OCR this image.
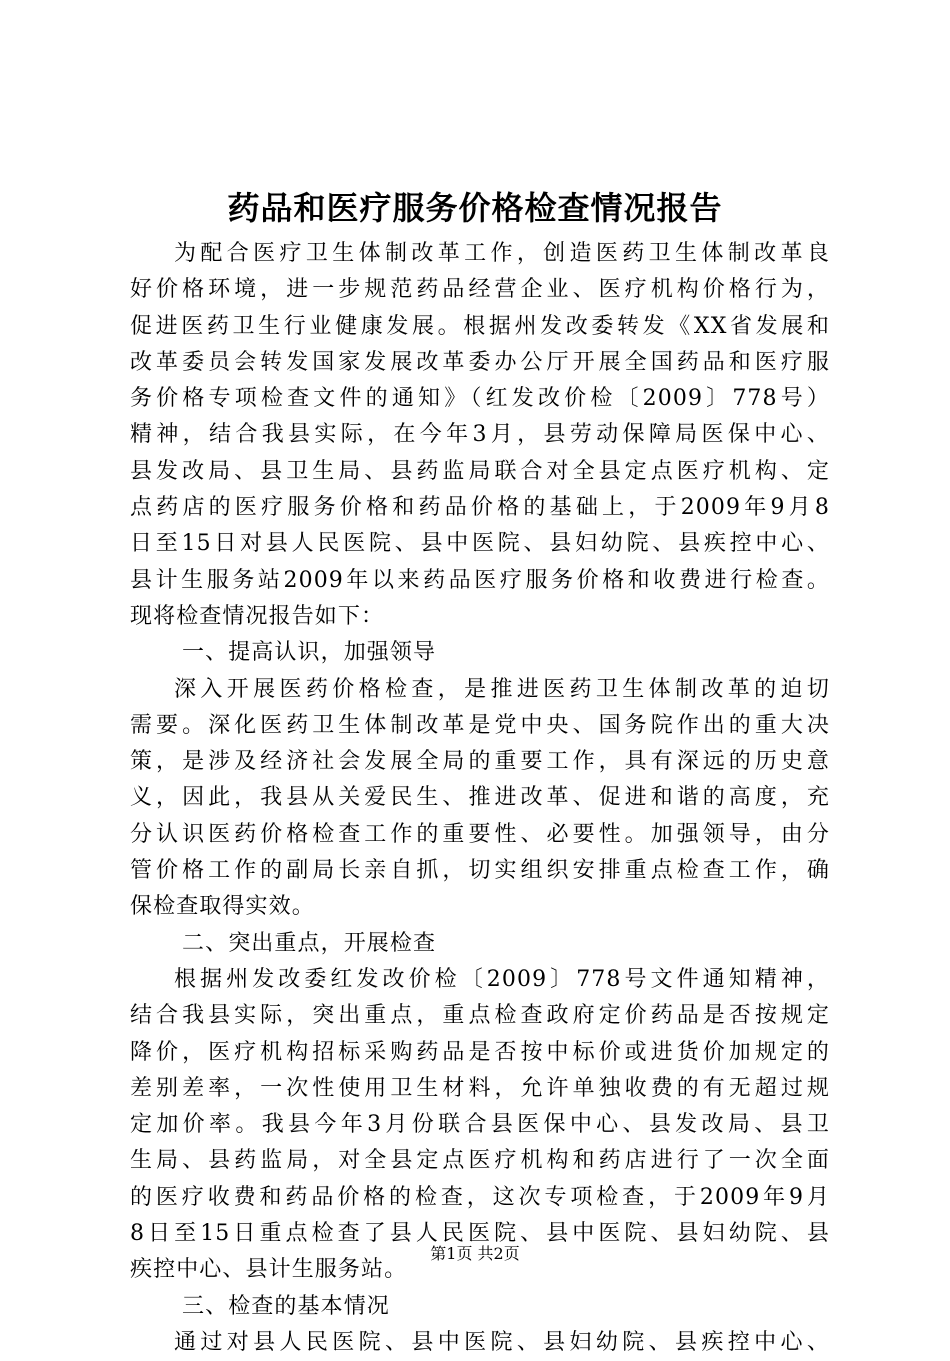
药品和医疗服务价格检查情况报告
为配合医疗卫生体制改革工作，创造医药卫生体制改革良
好价格环境，进一步规范药品经营企业、医疗机构价格行为，
促进医药卫生行业健康发展。根据州发改委转发《XX省发展和
改革委员会转发国家发展改革委办公厅开展全国药品和医疗服
务价格专项检查文件的通知》（红发改价检〔2009〕778号）
精神，结合我县实际，在今年3月，县劳动保障局医保中心、
县发改局、县卫生局、县药监局联合对全县定点医疗机构、定
点药店的医疗服务价格和药品价格的基础上，于2009年9月8
日至15日对县人民医院、县中医院、县妇幼院、县疾控中心、
县计生服务站2009年以来药品医疗服务价格和收费进行检查。
现将检查情况报告如下：
一、提高认识，加强领导
深入开展医药价格检查，是推进医药卫生体制改革的迫切
需要。深化医药卫生体制改革是党中央、国务院作出的重大决
策，是涉及经济社会发展全局的重要工作，具有深远的历史意
义，因此，我县从关爱民生、推进改革、促进和谐的高度，充
分认识医药价格检查工作的重要性、必要性。加强领导，由分
管价格工作的副局长亲自抓，切实组织安排重点检查工作，确
保检查取得实效。
二、突出重点，开展检查
根据州发改委红发改价检〔2009〕778号文件通知精神，
结合我县实际，突出重点，重点检查政府定价药品是否按规定
降价，医疗机构招标采购药品是否按中标价或进货价加规定的
差别差率，一次性使用卫生材料，允许单独收费的有无超过规
定加价率。我县今年3月份联合县医保中心、县发改局、县卫
生局、县药监局，对全县定点医疗机构和药店进行了一次全面
的医疗收费和药品价格的检查，这次专项检查，于2009年9月
8日至15日重点检查了县人民医院、县中医院、县妇幼院、县
疾控中心、县计生服务站。
三、检查的基本情况
通过对县人民医院、县中医院、县妇幼院、县疾控中心、
第1页 共2页
